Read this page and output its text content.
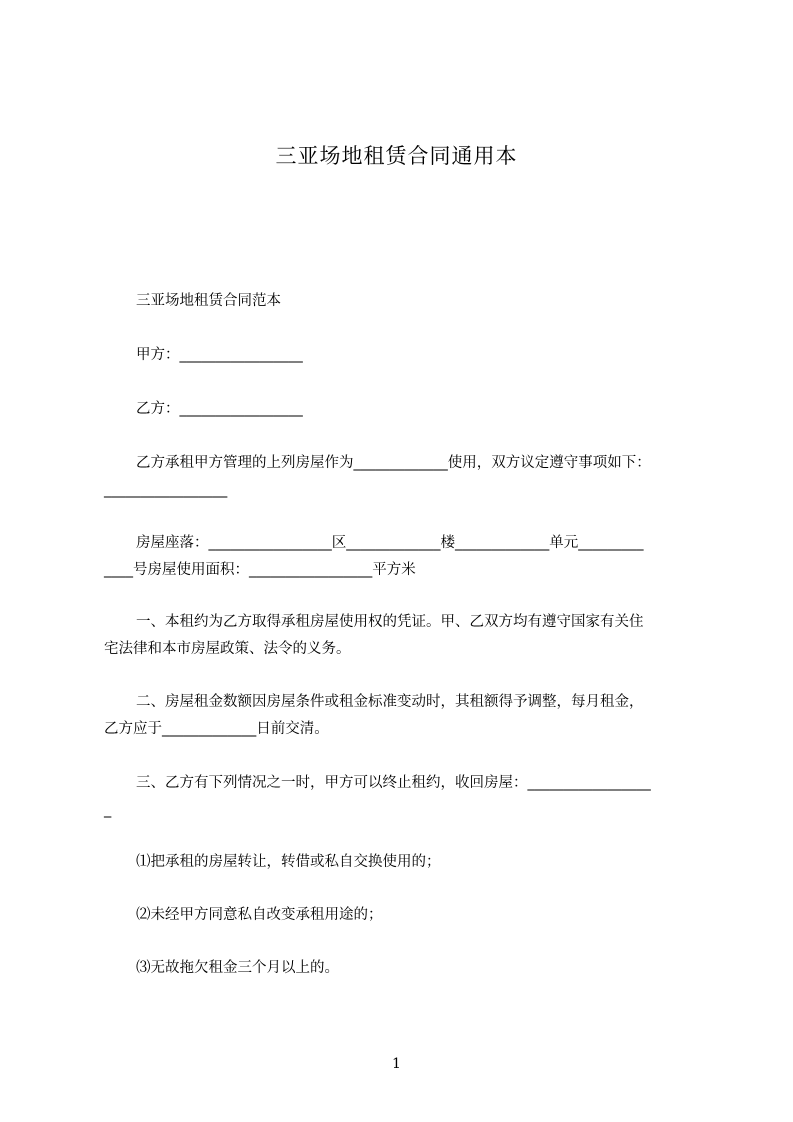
三亚场地租赁合同通用本
三亚场地租赁合同范本
甲方：_________________
乙方：_________________
乙方承租甲方管理的上列房屋作为_____________使用，双方议定遵守事项如下：
_________________
房屋座落：_________________区_____________楼_____________单元_________
____号房屋使用面积：_________________平方米
一、本租约为乙方取得承租房屋使用权的凭证。甲、乙双方均有遵守国家有关住
宅法律和本市房屋政策、法令的义务。
二、房屋租金数额因房屋条件或租金标准变动时，其租额得予调整，每月租金，
乙方应于_____________日前交清。
三、乙方有下列情况之一时，甲方可以终止租约，收回房屋：_________________
_
⑴把承租的房屋转让，转借或私自交换使用的；
⑵未经甲方同意私自改变承租用途的；
⑶无故拖欠租金三个月以上的。
1
